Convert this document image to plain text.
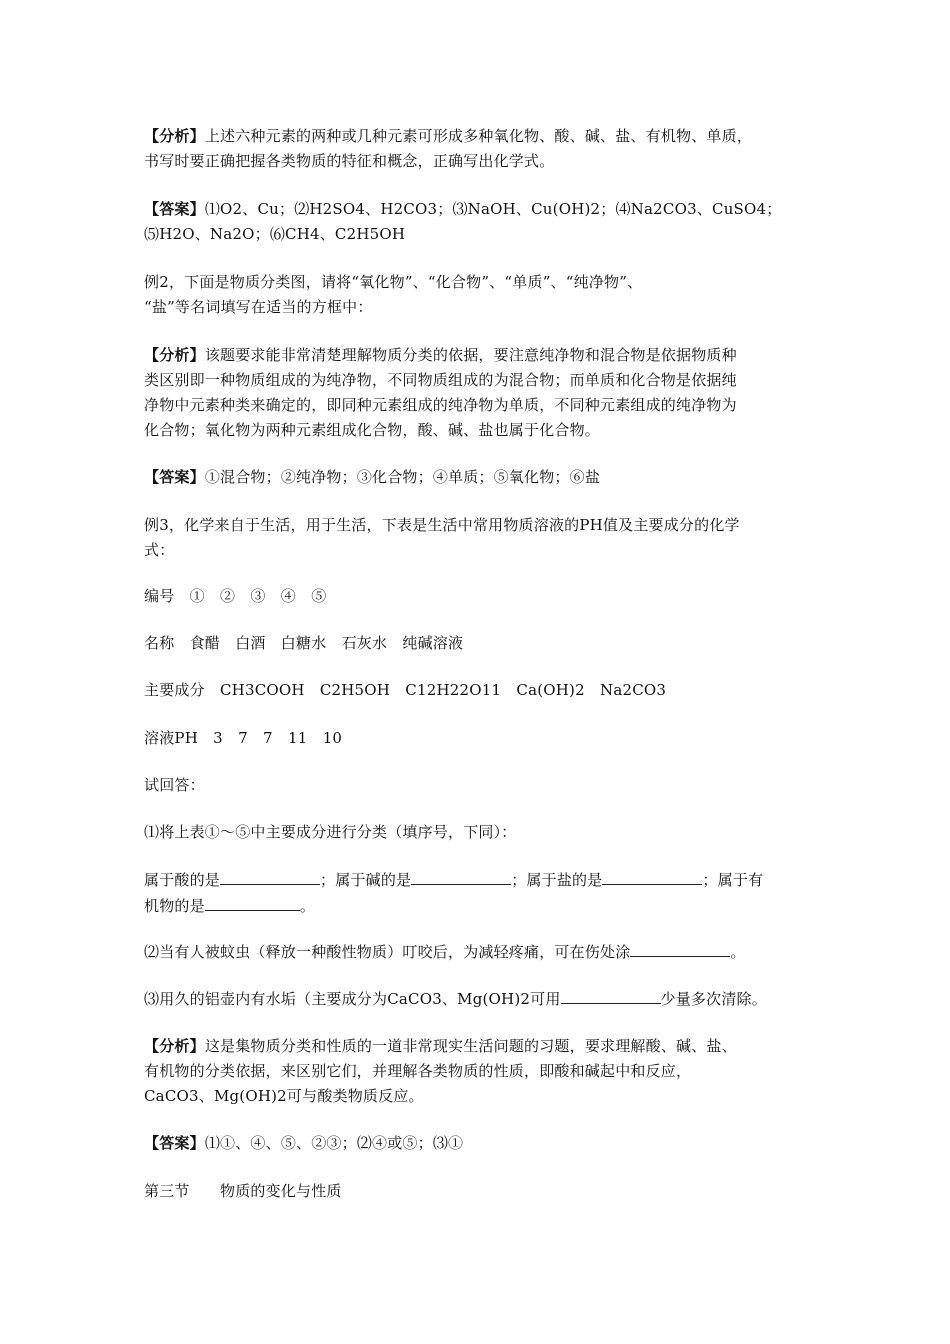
【分析】上述六种元素的两种或几种元素可形成多种氧化物、酸、碱、盐、有机物、单质，
书写时要正确把握各类物质的特征和概念，正确写出化学式。
【答案】⑴O2、Cu；⑵H2SO4、H2CO3；⑶NaOH、Cu(OH)2；⑷Na2CO3、CuSO4；
⑸H2O、Na2O；⑹CH4、C2H5OH
例2，下面是物质分类图，请将“氧化物”、“化合物”、“单质”、“纯净物”、
“盐”等名词填写在适当的方框中：
【分析】该题要求能非常清楚理解物质分类的依据，要注意纯净物和混合物是依据物质种
类区别即一种物质组成的为纯净物，不同物质组成的为混合物；而单质和化合物是依据纯
净物中元素种类来确定的，即同种元素组成的纯净物为单质，不同种元素组成的纯净物为
化合物；氧化物为两种元素组成化合物，酸、碱、盐也属于化合物。
【答案】①混合物；②纯净物；③化合物；④单质；⑤氧化物；⑥盐
例3，化学来自于生活，用于生活，下表是生活中常用物质溶液的PH值及主要成分的化学
式：
编号　①　②　③　④　⑤
名称　食醋　白酒　白糖水　石灰水　纯碱溶液
主要成分　CH3COOH　C2H5OH　C12H22O11　Ca(OH)2　Na2CO3
溶液PH　3　7　7　11　10
试回答：
⑴将上表①～⑤中主要成分进行分类（填序号，下同）：
属于酸的是	；属于碱的是	；属于盐的是	；属于有
机物的是	。
⑵当有人被蚊虫（释放一种酸性物质）叮咬后，为减轻疼痛，可在伤处涂	。
⑶用久的铝壶内有水垢（主要成分为CaCO3、Mg(OH)2可用	少量多次清除。
【分析】这是集物质分类和性质的一道非常现实生活问题的习题，要求理解酸、碱、盐、
有机物的分类依据，来区别它们，并理解各类物质的性质，即酸和碱起中和反应，
CaCO3、Mg(OH)2可与酸类物质反应。
【答案】⑴①、④、⑤、②③；⑵④或⑤；⑶①
第三节　　物质的变化与性质
